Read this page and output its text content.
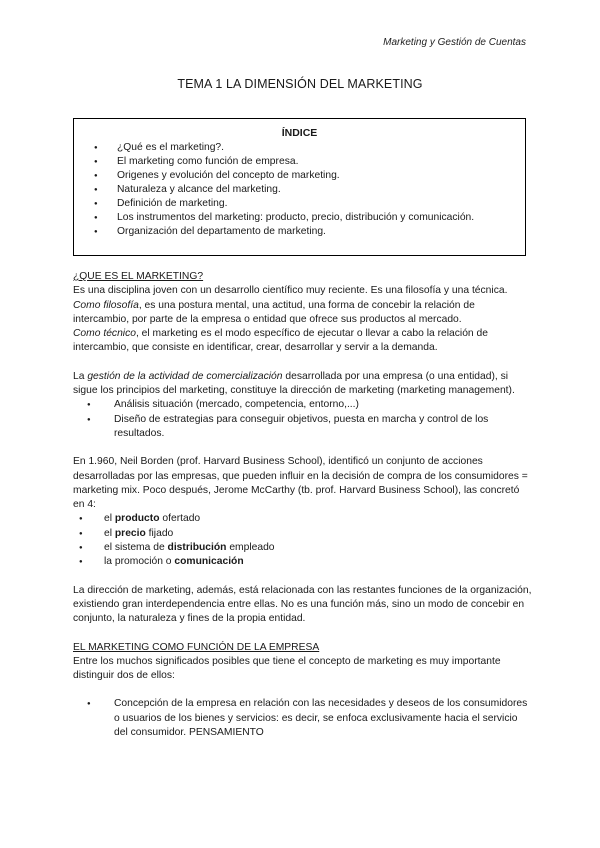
Marketing y Gestión de Cuentas
TEMA 1 LA DIMENSIÓN DEL MARKETING
ÍNDICE
● ¿Qué es el marketing?.
● El marketing como función de empresa.
● Origenes y evolución del concepto de marketing.
● Naturaleza y alcance del marketing.
● Definición de marketing.
● Los instrumentos del marketing: producto, precio, distribución y comunicación.
● Organización del departamento de marketing.

¿QUE ES EL MARKETING?

Es una disciplina joven con un desarrollo científico muy reciente. Es una filosofía y una técnica.

Como filosofía, es una postura mental, una actitud, una forma de concebir la relación de intercambio, por parte de la empresa o entidad que ofrece sus productos al mercado.

Como técnico, el marketing es el modo específico de ejecutar o llevar a cabo la relación de intercambio, que consiste en identificar, crear, desarrollar y servir a la demanda.

La gestión de la actividad de comercialización desarrollada por una empresa (o una entidad), si sigue los principios del marketing, constituye la dirección de marketing (marketing management).

● Análisis situación (mercado, competencia, entorno,...)
● Diseño de estrategias para conseguir objetivos, puesta en marcha y control de los resultados.

En 1.960, Neil Borden (prof. Harvard Business School), identificó un conjunto de acciones desarrolladas por las empresas, que pueden influir en la decisión de compra de los consumidores = marketing mix. Poco después, Jerome McCarthy (tb. prof. Harvard Business School), las concretó en 4:

● el producto ofertado
● el precio fijado
● el sistema de distribución empleado
● la promoción o comunicación

La dirección de marketing, además, está relacionada con las restantes funciones de la organización, existiendo gran interdependencia entre ellas. No es una función más, sino un modo de concebir en conjunto, la naturaleza y fines de la propia entidad.

EL MARKETING COMO FUNCIÓN DE LA EMPRESA

Entre los muchos significados posibles que tiene el concepto de marketing es muy importante distinguir dos de ellos:

● Concepción de la empresa en relación con las necesidades y deseos de los consumidores o usuarios de los bienes y servicios: es decir, se enfoca exclusivamente hacia el servicio del consumidor. PENSAMIENTO
